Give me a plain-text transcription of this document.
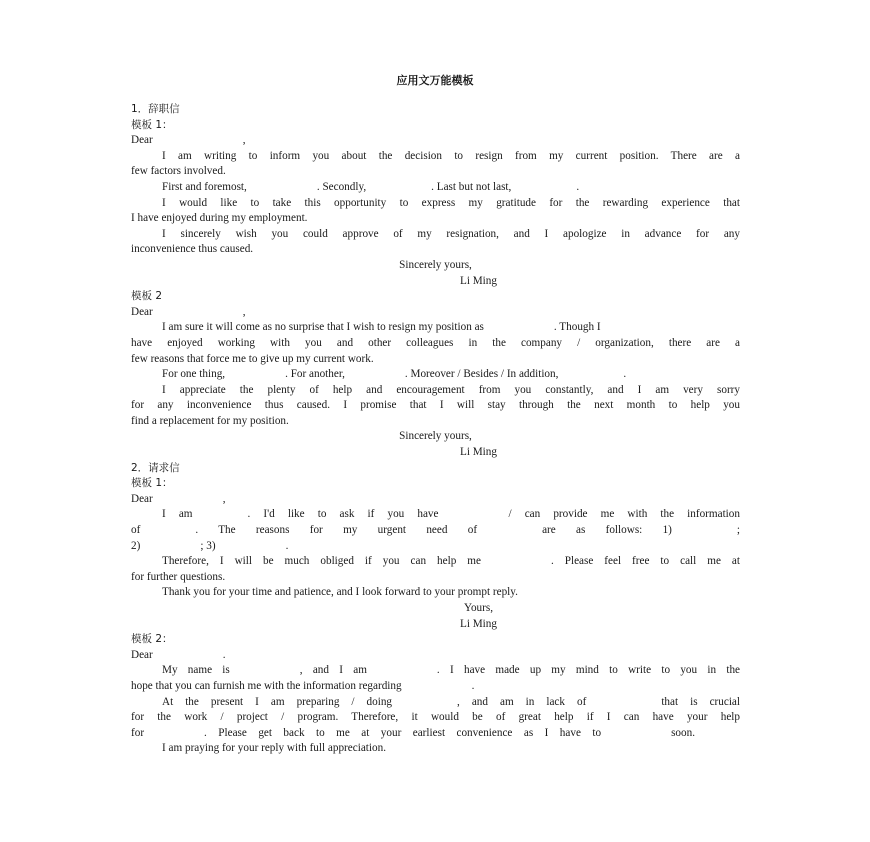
应用文万能模板
1．辞职信
模板 1：
Dear	,
I am writing to inform you about the decision to resign from my current position. There are a
few factors involved.
First and foremost,	. Secondly,	. Last but not last,	.
I would like to take this opportunity to express my gratitude for the rewarding experience that
I have enjoyed during my employment.
I sincerely wish you could approve of my resignation, and I apologize in advance for any
inconvenience thus caused.
Sincerely yours,
Li Ming
模板 2
Dear	,
I am sure it will come as no surprise that I wish to resign my position as	. Though I
have enjoyed working with you and other colleagues in the company / organization, there are a
few reasons that force me to give up my current work.
For one thing,	. For another,	. Moreover / Besides / In addition,	.
I appreciate the plenty of help and encouragement from you constantly, and I am very sorry
for any inconvenience thus caused. I promise that I will stay through the next month to help you
find a replacement for my position.
Sincerely yours,
Li Ming
2．请求信
模板 1：
Dear	,
I am	. I'd like to ask if you have	/ can provide me with the information
of	. The reasons for my urgent need of	are as follows: 1)	;
2)	; 3)	.
Therefore, I will be much obliged if you can help me	. Please feel free to call me at
for further questions.
Thank you for your time and patience, and I look forward to your prompt reply.
Yours,
Li Ming
模板 2：
Dear	.
My name is	, and I am	. I have made up my mind to write to you in the
hope that you can furnish me with the information regarding	.
At the present I am preparing / doing	, and am in lack of	that is crucial
for the work / project / program. Therefore, it would be of great help if I can have your help
for	. Please get back to me at your earliest convenience as I have to	soon.
I am praying for your reply with full appreciation.
